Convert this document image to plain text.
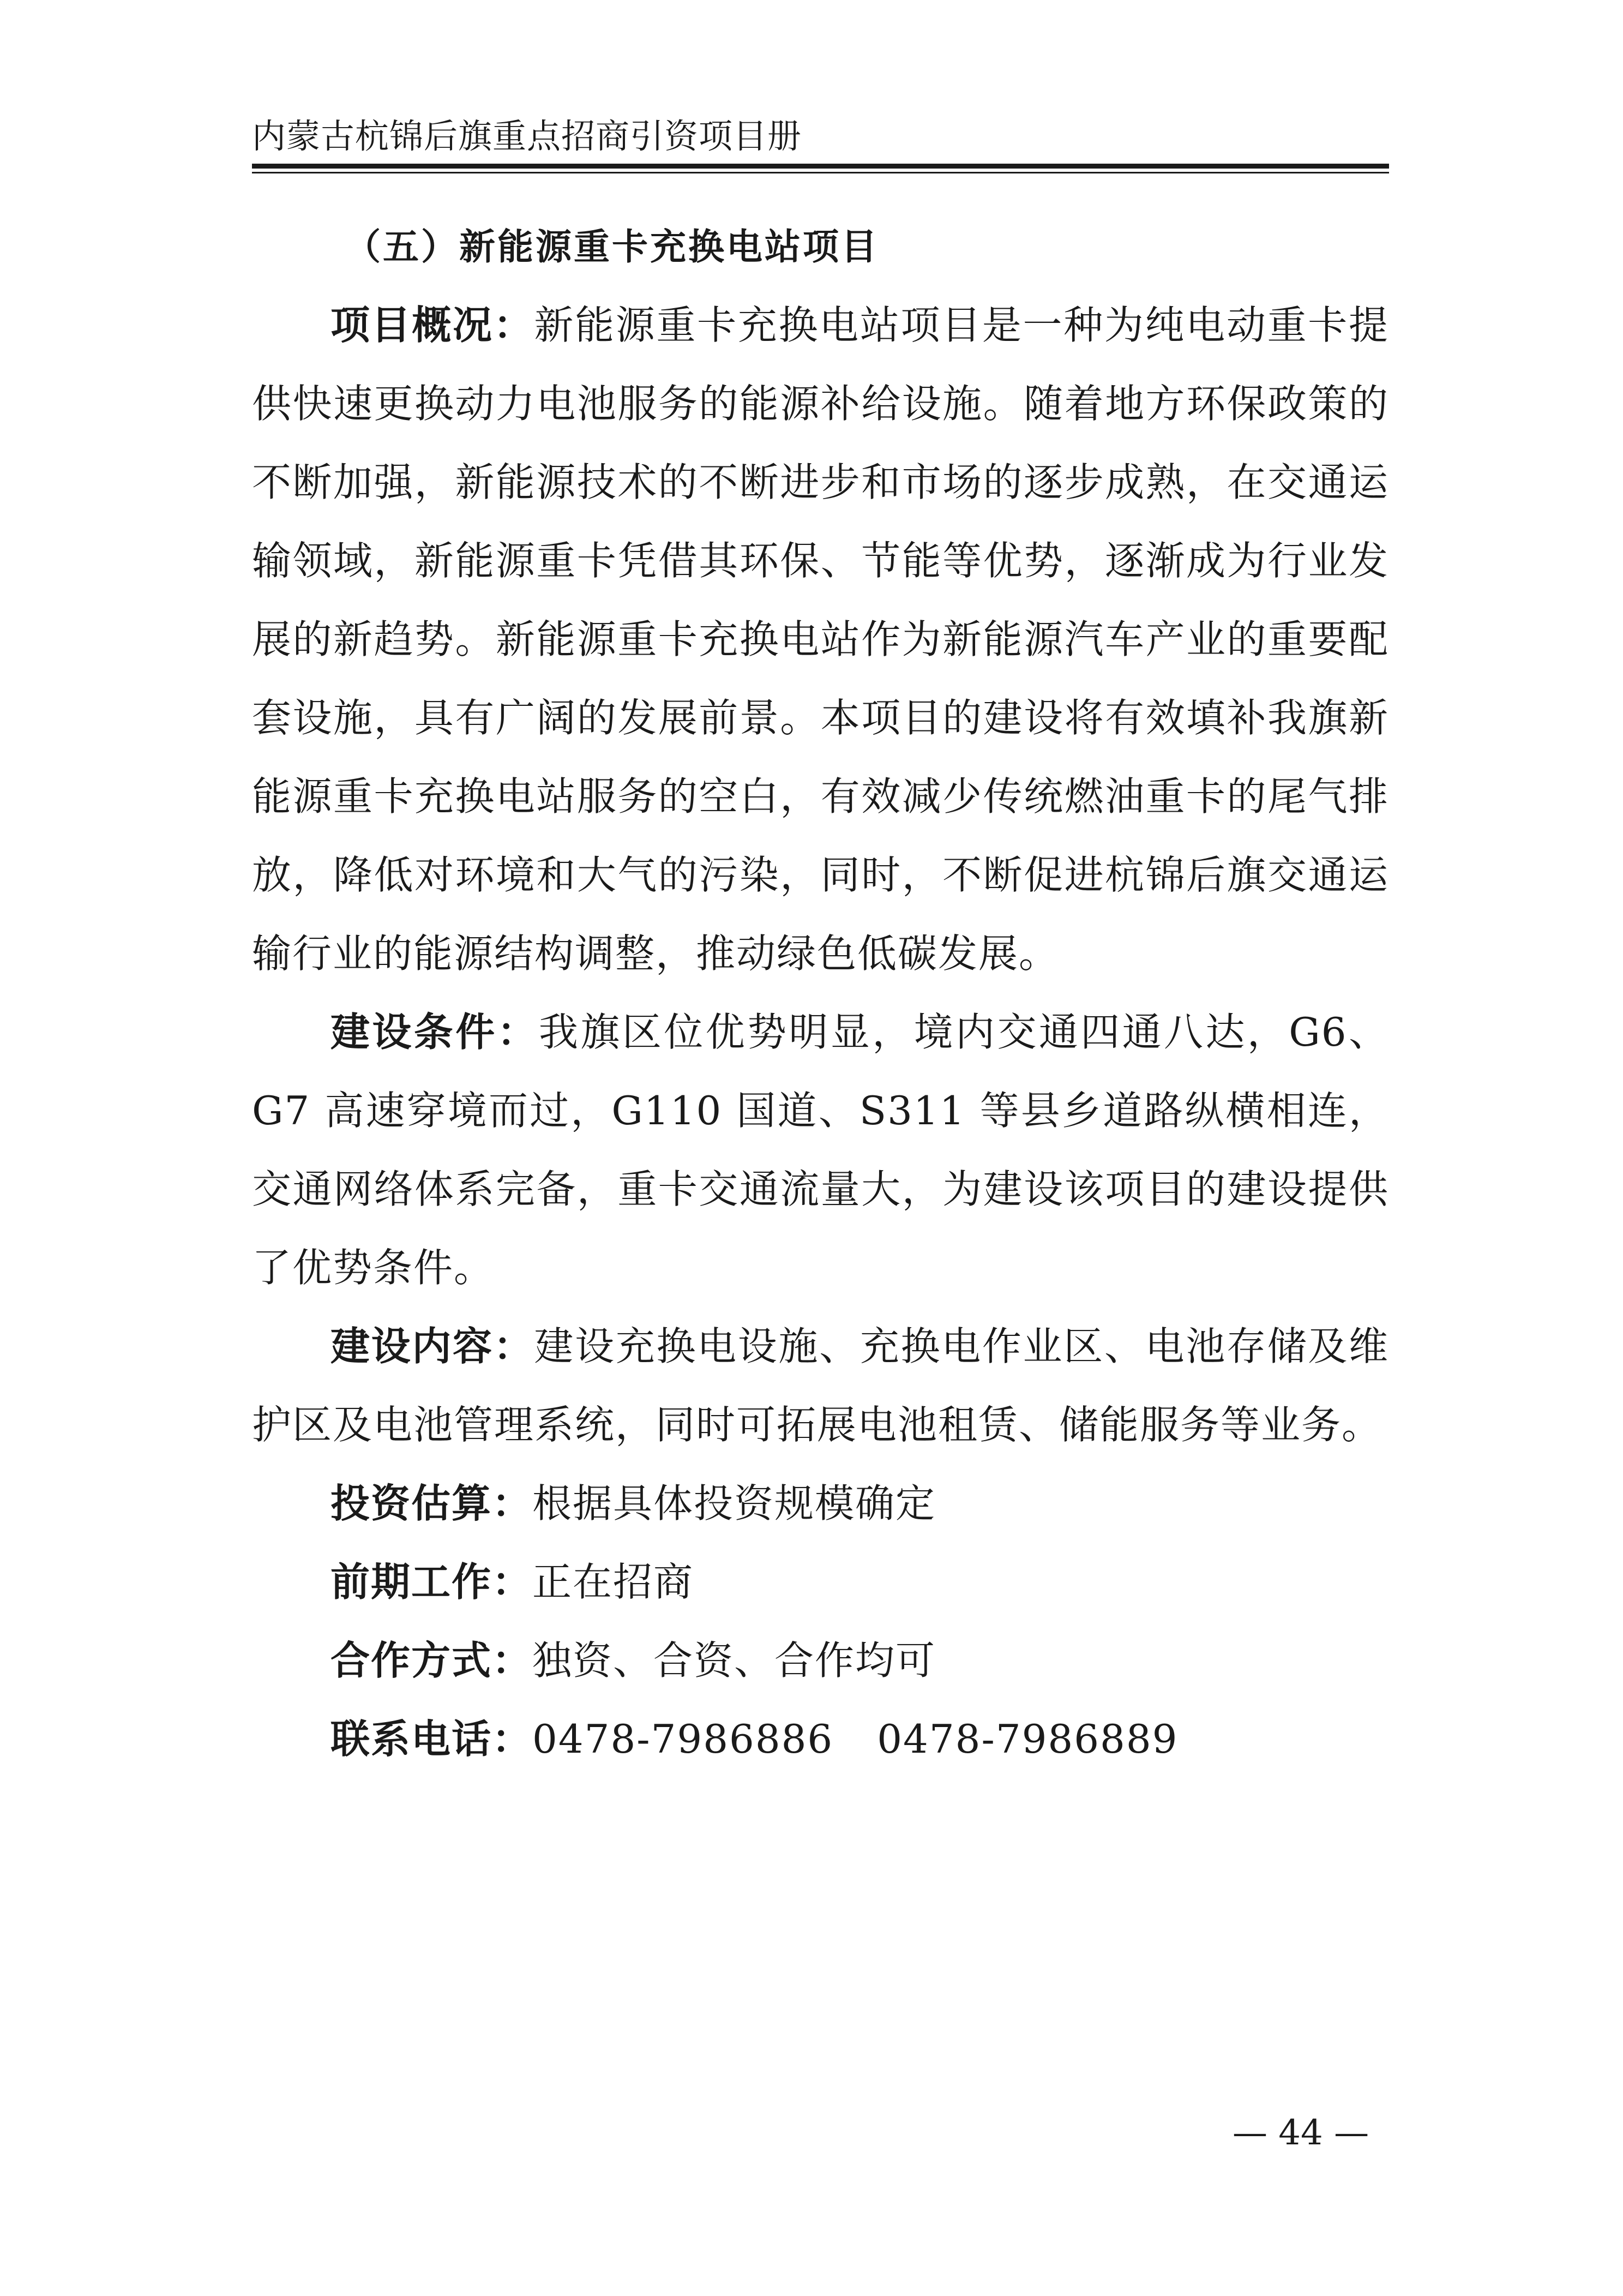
内蒙古杭锦后旗重点招商引资项目册
（五）新能源重卡充换电站项目

项目概况：新能源重卡充换电站项目是一种为纯电动重卡提供快速更换动力电池服务的能源补给设施。随着地方环保政策的不断加强，新能源技术的不断进步和市场的逐步成熟，在交通运输领域，新能源重卡凭借其环保、节能等优势，逐渐成为行业发展的新趋势。新能源重卡充换电站作为新能源汽车产业的重要配套设施，具有广阔的发展前景。本项目的建设将有效填补我旗新能源重卡充换电站服务的空白，有效减少传统燃油重卡的尾气排放，降低对环境和大气的污染，同时，不断促进杭锦后旗交通运输行业的能源结构调整，推动绿色低碳发展。

建设条件：我旗区位优势明显，境内交通四通八达，G6、G7 高速穿境而过，G110 国道、S311 等县乡道路纵横相连，交通网络体系完备，重卡交通流量大，为建设该项目的建设提供了优势条件。

建设内容：建设充换电设施、充换电作业区、电池存储及维护区及电池管理系统，同时可拓展电池租赁、储能服务等业务。

投资估算：根据具体投资规模确定

前期工作：正在招商

合作方式：独资、合资、合作均可

联系电话：0478-7986886 0478-7986889

— 44 —
